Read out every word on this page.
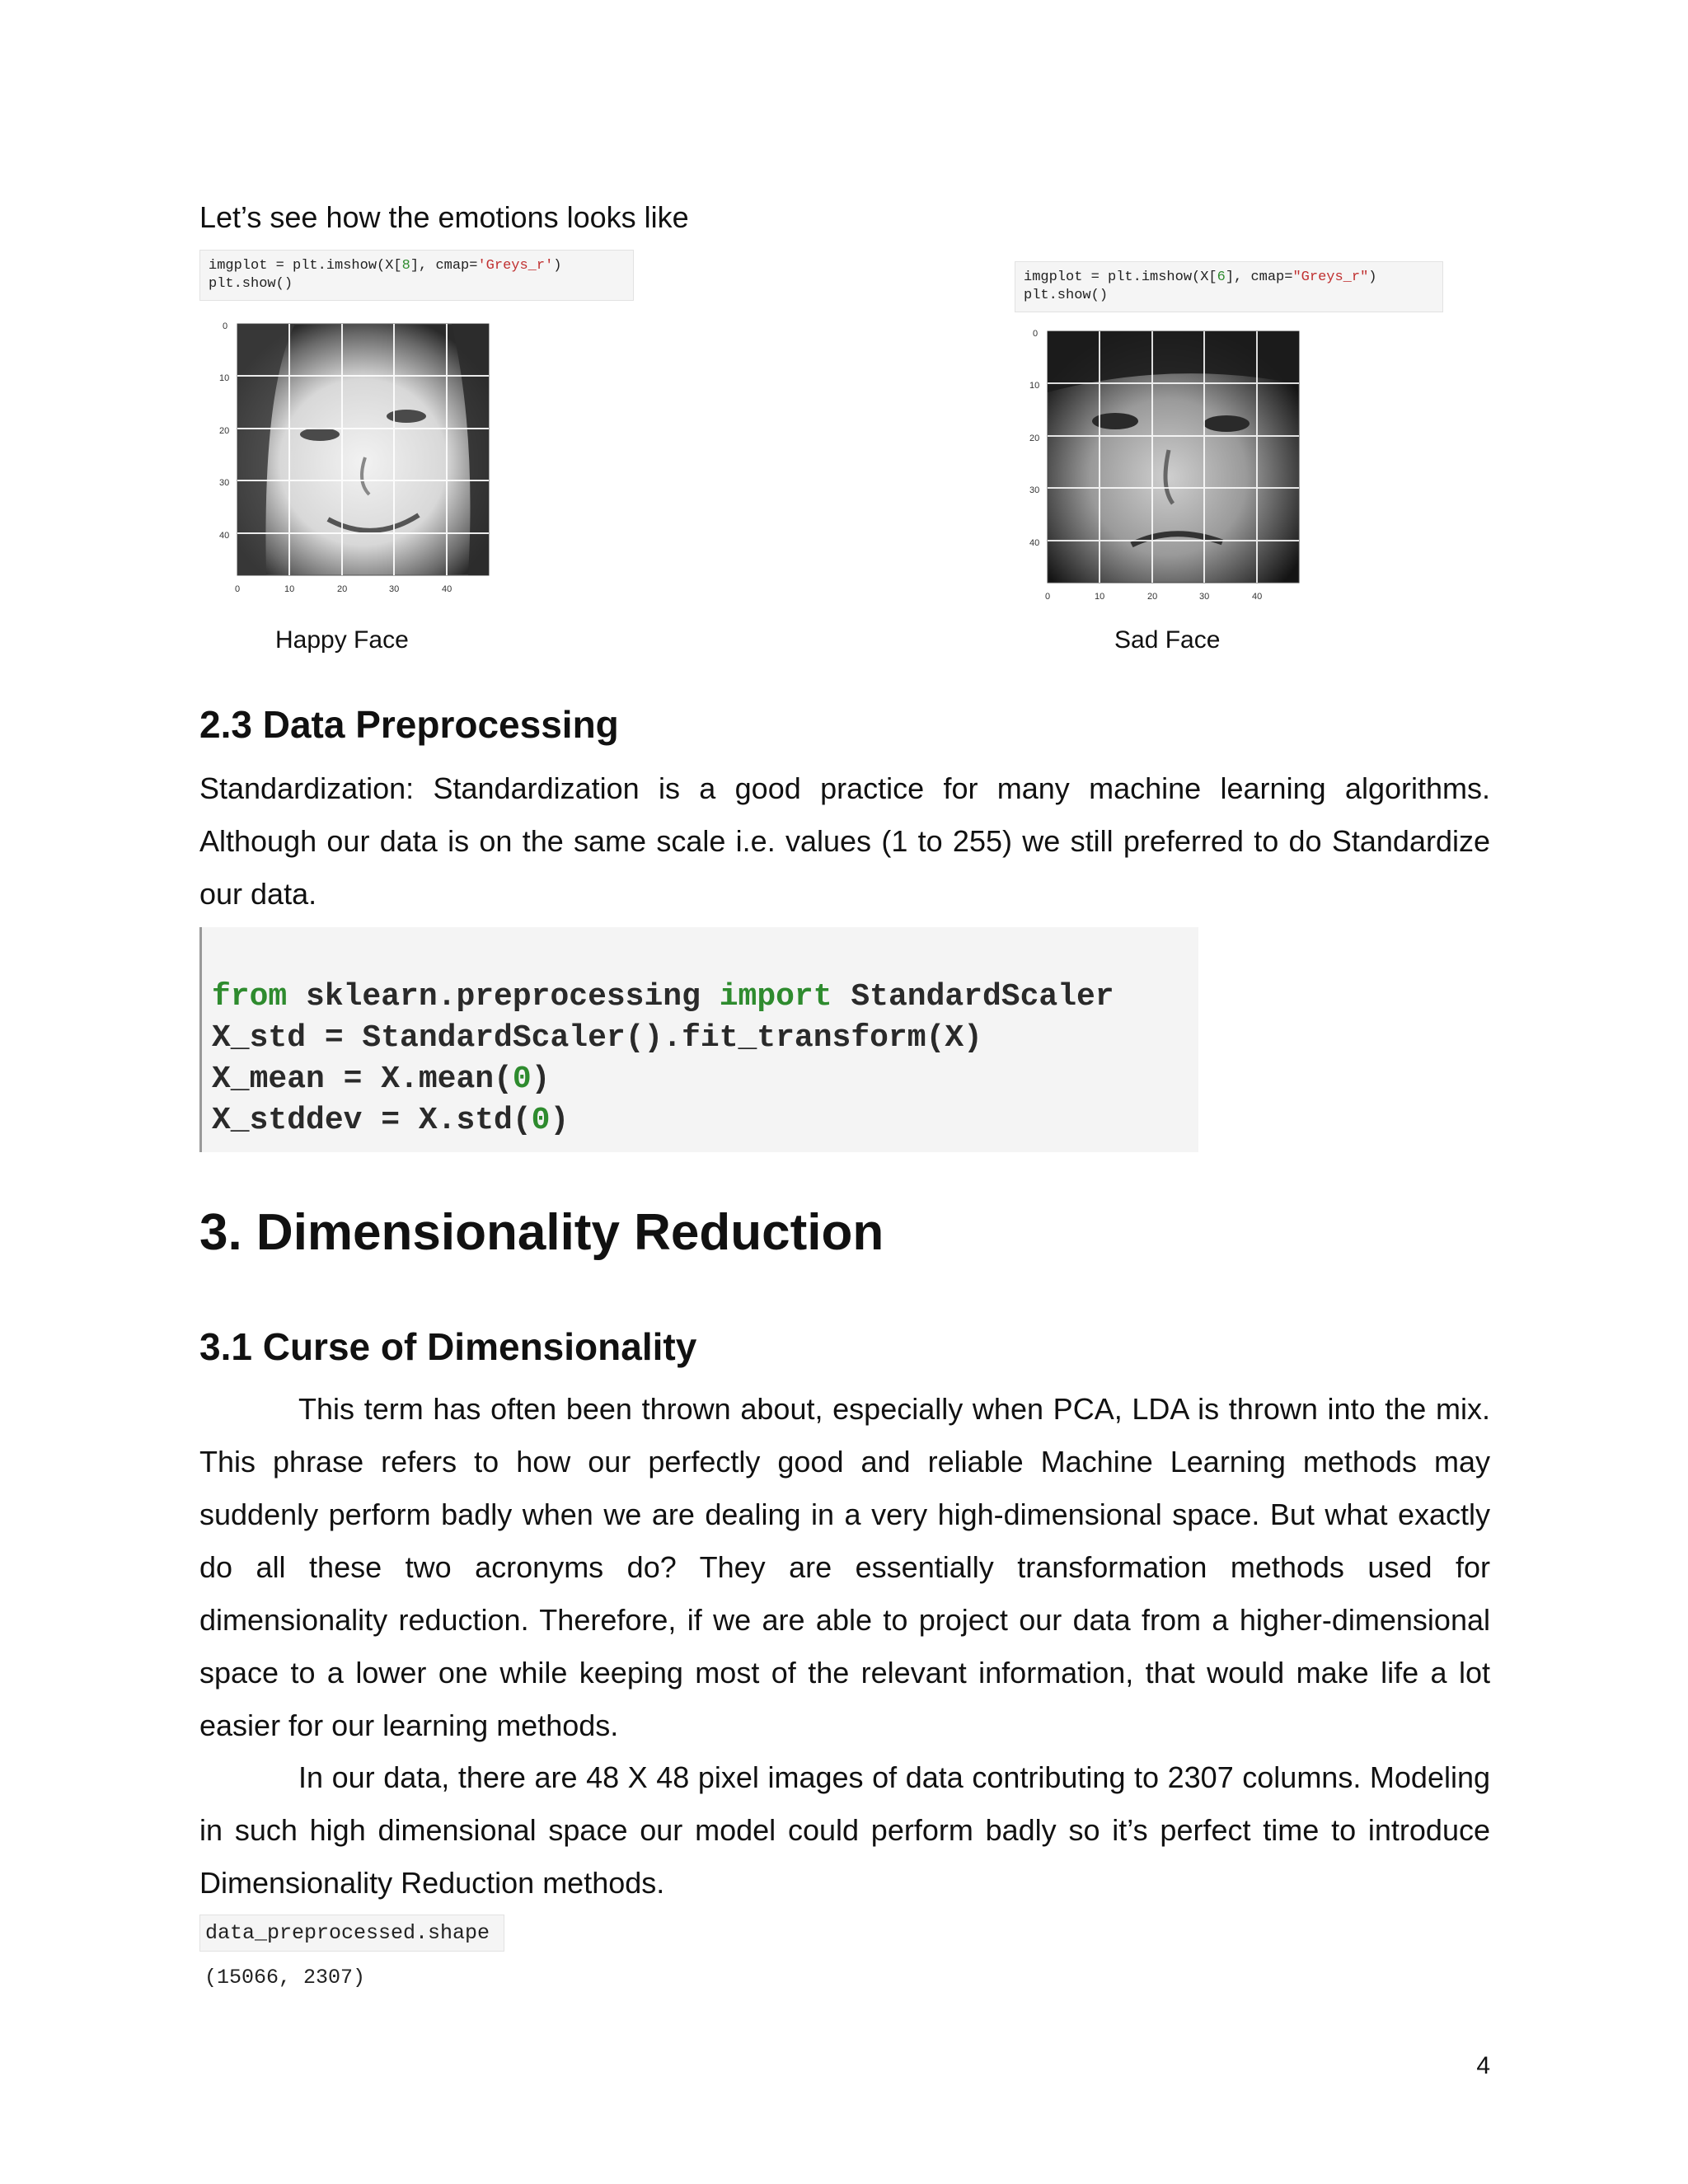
Let’s see how the emotions looks like
imgplot = plt.imshow(X[8], cmap='Greys_r')
plt.show()
0
10
20
30
40
0	10	20	30	40
Happy Face
imgplot = plt.imshow(X[6], cmap="Greys_r")
plt.show()
0
10
20
30
40
0	10	20	30	40
Sad Face
2.3 Data Preprocessing

Standardization: Standardization is a good practice for many machine learning algorithms. Although our data is on the same scale i.e. values (1 to 255) we still preferred to do Standardize our data.

from sklearn.preprocessing import StandardScaler
X_std = StandardScaler().fit_transform(X)
X_mean = X.mean(0)
X_stddev = X.std(0)
3. Dimensionality Reduction
3.1 Curse of Dimensionality

This term has often been thrown about, especially when PCA, LDA is thrown into the mix. This phrase refers to how our perfectly good and reliable Machine Learning methods may suddenly perform badly when we are dealing in a very high-dimensional space. But what exactly do all these two acronyms do? They are essentially transformation methods used for dimensionality reduction. Therefore, if we are able to project our data from a higher-dimensional space to a lower one while keeping most of the relevant information, that would make life a lot easier for our learning methods.

In our data, there are 48 X 48 pixel images of data contributing to 2307 columns. Modeling in such high dimensional space our model could perform badly so it’s perfect time to introduce Dimensionality Reduction methods.

data_preprocessed.shape
(15066, 2307)
4
